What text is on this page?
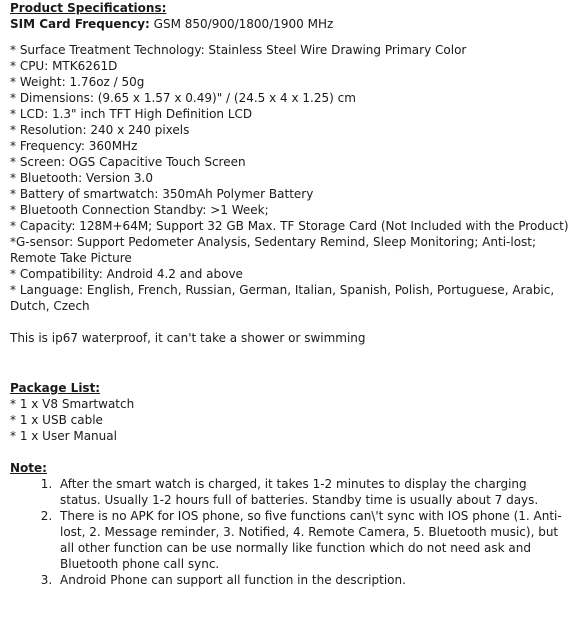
Product Specifications:
SIM Card Frequency: GSM 850/900/1800/1900 MHz
* Surface Treatment Technology: Stainless Steel Wire Drawing Primary Color
* CPU: MTK6261D
* Weight: 1.76oz / 50g
* Dimensions: (9.65 x 1.57 x 0.49)" / (24.5 x 4 x 1.25) cm
* LCD: 1.3" inch TFT High Definition LCD
* Resolution: 240 x 240 pixels
* Frequency: 360MHz
* Screen: OGS Capacitive Touch Screen
* Bluetooth: Version 3.0
* Battery of smartwatch: 350mAh Polymer Battery
* Bluetooth Connection Standby: >1 Week;
* Capacity: 128M+64M; Support 32 GB Max. TF Storage Card (Not Included with the Product)
*G-sensor: Support Pedometer Analysis, Sedentary Remind, Sleep Monitoring; Anti-lost; Remote Take Picture
* Compatibility: Android 4.2 and above
* Language: English, French, Russian, German, Italian, Spanish, Polish, Portuguese, Arabic, Dutch, Czech
This is ip67 waterproof, it can't take a shower or swimming
Package List:
* 1 x V8 Smartwatch
* 1 x USB cable
* 1 x User Manual
Note:
1. After the smart watch is charged, it takes 1-2 minutes to display the charging status. Usually 1-2 hours full of batteries. Standby time is usually about 7 days.
2. There is no APK for IOS phone, so five functions can\'t sync with IOS phone (1. Anti-lost, 2. Message reminder, 3. Notified, 4. Remote Camera, 5. Bluetooth music), but all other function can be use normally like function which do not need ask and Bluetooth phone call sync.
3. Android Phone can support all function in the description.
